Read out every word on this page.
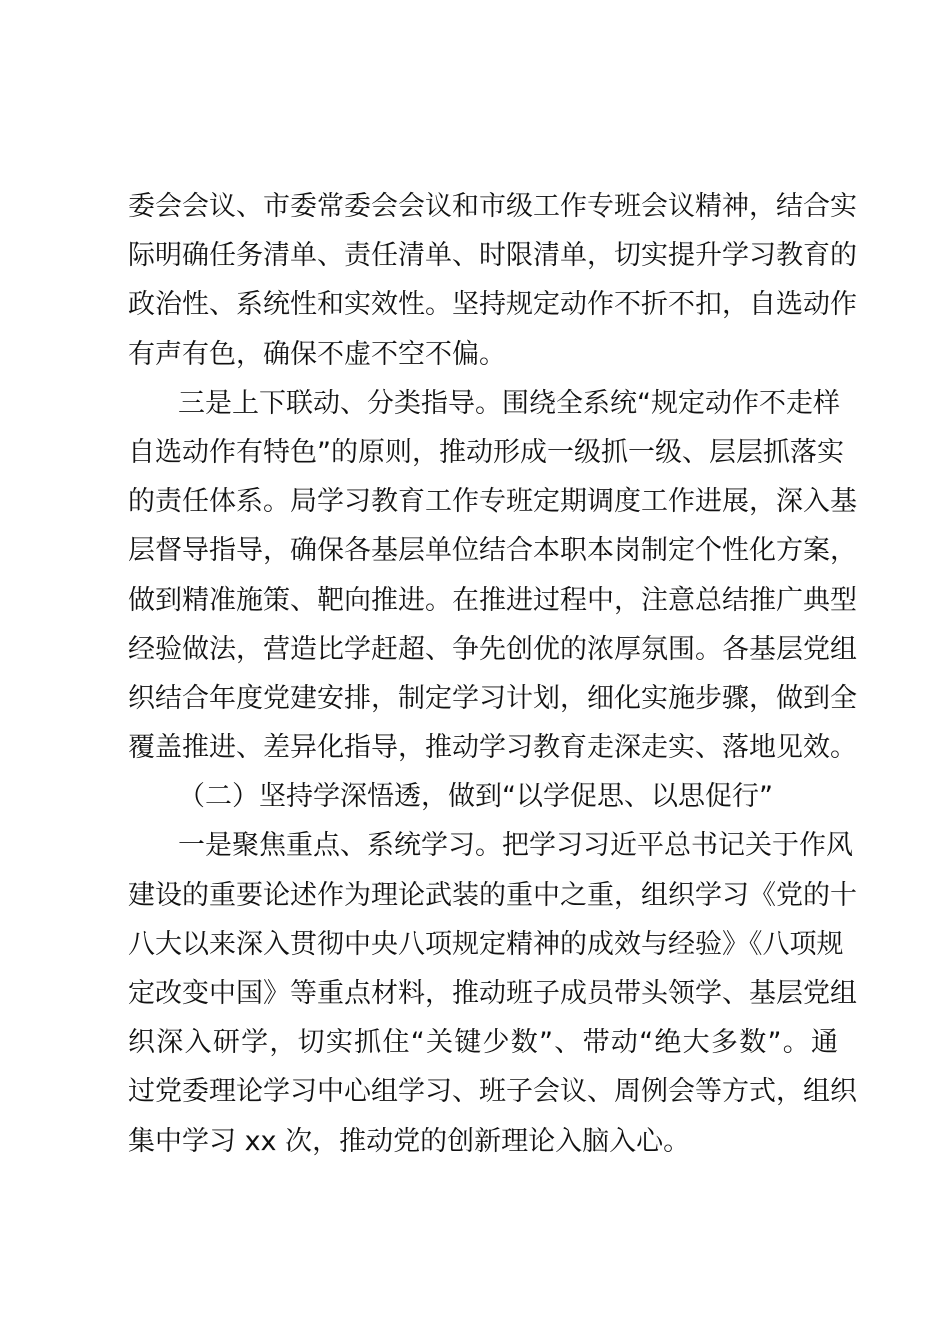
委会会议、市委常委会会议和市级工作专班会议精神，结合实
际明确任务清单、责任清单、时限清单，切实提升学习教育的
政治性、系统性和实效性。坚持规定动作不折不扣，自选动作
有声有色，确保不虚不空不偏。
三是上下联动、分类指导。围绕全系统“规定动作不走样
自选动作有特色”的原则，推动形成一级抓一级、层层抓落实
的责任体系。局学习教育工作专班定期调度工作进展，深入基
层督导指导，确保各基层单位结合本职本岗制定个性化方案，
做到精准施策、靶向推进。在推进过程中，注意总结推广典型
经验做法，营造比学赶超、争先创优的浓厚氛围。各基层党组
织结合年度党建安排，制定学习计划，细化实施步骤，做到全
覆盖推进、差异化指导，推动学习教育走深走实、落地见效。
（二）坚持学深悟透，做到“以学促思、以思促行”
一是聚焦重点、系统学习。把学习习近平总书记关于作风
建设的重要论述作为理论武装的重中之重，组织学习《党的十
八大以来深入贯彻中央八项规定精神的成效与经验》《八项规
定改变中国》等重点材料，推动班子成员带头领学、基层党组
织深入研学，切实抓住“关键少数”、带动“绝大多数”。通
过党委理论学习中心组学习、班子会议、周例会等方式，组织
集中学习 xx 次，推动党的创新理论入脑入心。
